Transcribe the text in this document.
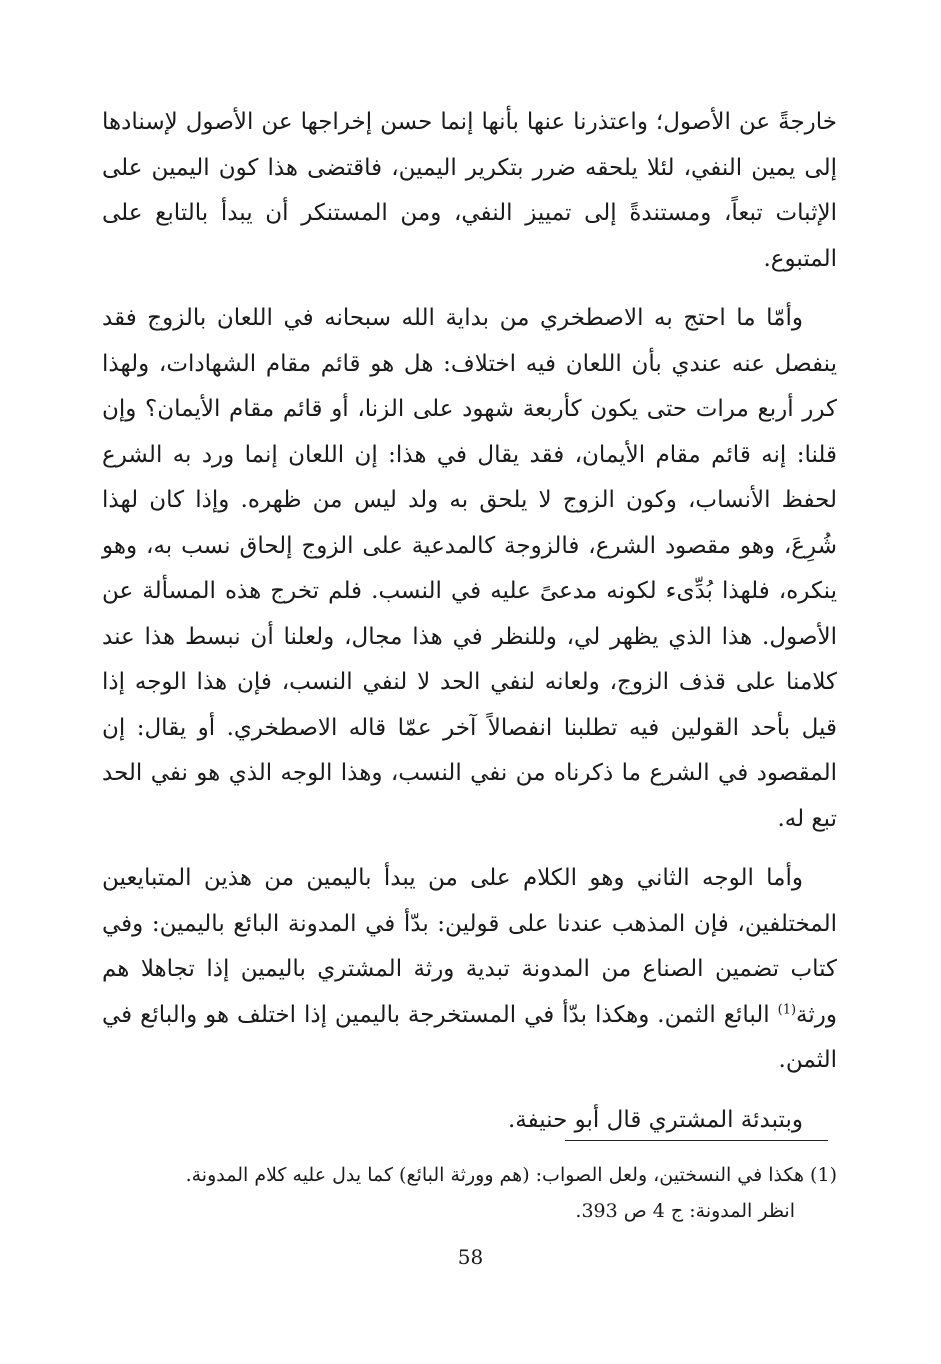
خارجةً عن الأصول؛ واعتذرنا عنها بأنها إنما حسن إخراجها عن الأصول لإسنادها إلى يمين النفي، لئلا يلحقه ضرر بتكرير اليمين، فاقتضى هذا كون اليمين على الإثبات تبعاً، ومستندةً إلى تمييز النفي، ومن المستنكر أن يبدأ بالتابع على المتبوع.

وأمّا ما احتج به الاصطخري من بداية الله سبحانه في اللعان بالزوج فقد ينفصل عنه عندي بأن اللعان فيه اختلاف: هل هو قائم مقام الشهادات، ولهذا كرر أربع مرات حتى يكون كأربعة شهود على الزنا، أو قائم مقام الأيمان؟ وإن قلنا: إنه قائم مقام الأيمان، فقد يقال في هذا: إن اللعان إنما ورد به الشرع لحفظ الأنساب، وكون الزوج لا يلحق به ولد ليس من ظهره. وإذا كان لهذا شُرِعَ، وهو مقصود الشرع، فالزوجة كالمدعية على الزوج إلحاق نسب به، وهو ينكره، فلهذا بُدِّىء لكونه مدعىً عليه في النسب. فلم تخرج هذه المسألة عن الأصول. هذا الذي يظهر لي، وللنظر في هذا مجال، ولعلنا أن نبسط هذا عند كلامنا على قذف الزوج، ولعانه لنفي الحد لا لنفي النسب، فإن هذا الوجه إذا قيل بأحد القولين فيه تطلبنا انفصالاً آخر عمّا قاله الاصطخري. أو يقال: إن المقصود في الشرع ما ذكرناه من نفي النسب، وهذا الوجه الذي هو نفي الحد تبع له.

وأما الوجه الثاني وهو الكلام على من يبدأ باليمين من هذين المتبايعين المختلفين، فإن المذهب عندنا على قولين: بدّأ في المدونة البائع باليمين: وفي كتاب تضمين الصناع من المدونة تبدية ورثة المشتري باليمين إذا تجاهلا هم ورثة$^{(1)}$ البائع الثمن. وهكذا بدّأ في المستخرجة باليمين إذا اختلف هو والبائع في الثمن.

وبتبدئة المشتري قال أبو حنيفة.

(1) هكذا في النسختين، ولعل الصواب: (هم وورثة البائع) كما يدل عليه كلام المدونة.

انظر المدونة: ج 4 ص 393.

58
